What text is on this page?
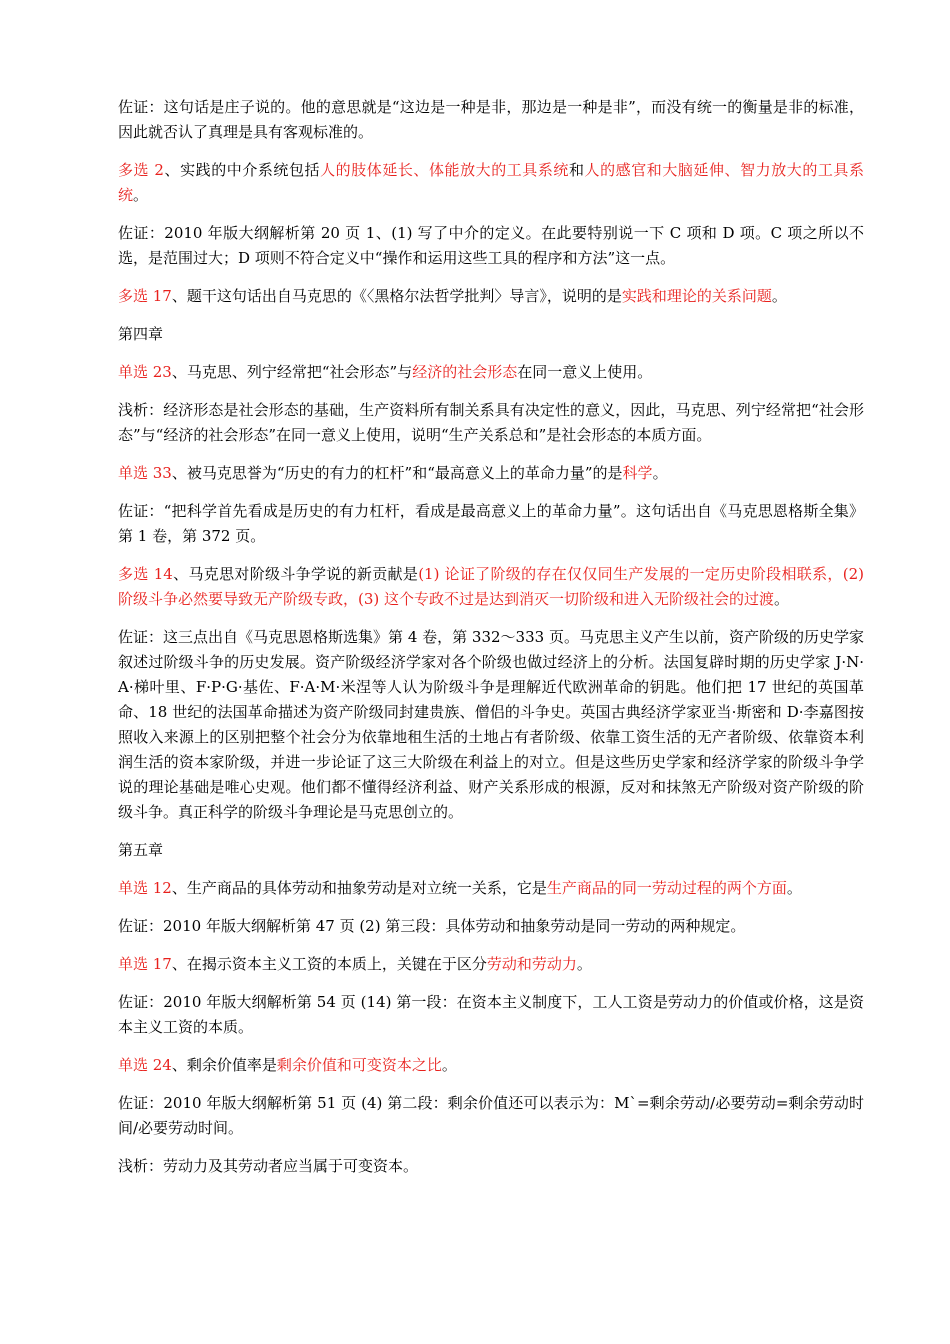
佐证：这句话是庄子说的。他的意思就是“这边是一种是非，那边是一种是非”，而没有统一的衡量是非的标准，因此就否认了真理是具有客观标准的。

多选 2、实践的中介系统包括人的肢体延长、体能放大的工具系统和人的感官和大脑延伸、智力放大的工具系统。

佐证：2010 年版大纲解析第 20 页 1、(1) 写了中介的定义。在此要特别说一下 C 项和 D 项。C 项之所以不选，是范围过大；D 项则不符合定义中“操作和运用这些工具的程序和方法”这一点。

多选 17、题干这句话出自马克思的《〈黑格尔法哲学批判〉导言》，说明的是实践和理论的关系问题。

第四章

单选 23、马克思、列宁经常把“社会形态”与经济的社会形态在同一意义上使用。

浅析：经济形态是社会形态的基础，生产资料所有制关系具有决定性的意义，因此，马克思、列宁经常把“社会形态”与“经济的社会形态”在同一意义上使用，说明“生产关系总和”是社会形态的本质方面。

单选 33、被马克思誉为“历史的有力的杠杆”和“最高意义上的革命力量”的是科学。

佐证：“把科学首先看成是历史的有力杠杆，看成是最高意义上的革命力量”。这句话出自《马克思恩格斯全集》第 1 卷，第 372 页。

多选 14、马克思对阶级斗争学说的新贡献是(1) 论证了阶级的存在仅仅同生产发展的一定历史阶段相联系，(2) 阶级斗争必然要导致无产阶级专政，(3) 这个专政不过是达到消灭一切阶级和进入无阶级社会的过渡。

佐证：这三点出自《马克思恩格斯选集》第 4 卷，第 332～333 页。马克思主义产生以前，资产阶级的历史学家叙述过阶级斗争的历史发展。资产阶级经济学家对各个阶级也做过经济上的分析。法国复辟时期的历史学家 J·N·A·梯叶里、F·P·G·基佐、F·A·M·米涅等人认为阶级斗争是理解近代欧洲革命的钥匙。他们把 17 世纪的英国革命、18 世纪的法国革命描述为资产阶级同封建贵族、僧侣的斗争史。英国古典经济学家亚当·斯密和 D·李嘉图按照收入来源上的区别把整个社会分为依靠地租生活的土地占有者阶级、依靠工资生活的无产者阶级、依靠资本利润生活的资本家阶级，并进一步论证了这三大阶级在利益上的对立。但是这些历史学家和经济学家的阶级斗争学说的理论基础是唯心史观。他们都不懂得经济利益、财产关系形成的根源，反对和抹煞无产阶级对资产阶级的阶级斗争。真正科学的阶级斗争理论是马克思创立的。

第五章

单选 12、生产商品的具体劳动和抽象劳动是对立统一关系，它是生产商品的同一劳动过程的两个方面。

佐证：2010 年版大纲解析第 47 页 (2) 第三段：具体劳动和抽象劳动是同一劳动的两种规定。

单选 17、在揭示资本主义工资的本质上，关键在于区分劳动和劳动力。

佐证：2010 年版大纲解析第 54 页 (14) 第一段：在资本主义制度下，工人工资是劳动力的价值或价格，这是资本主义工资的本质。

单选 24、剩余价值率是剩余价值和可变资本之比。

佐证：2010 年版大纲解析第 51 页 (4) 第二段：剩余价值还可以表示为：M`=剩余劳动/必要劳动=剩余劳动时间/必要劳动时间。

浅析：劳动力及其劳动者应当属于可变资本。
